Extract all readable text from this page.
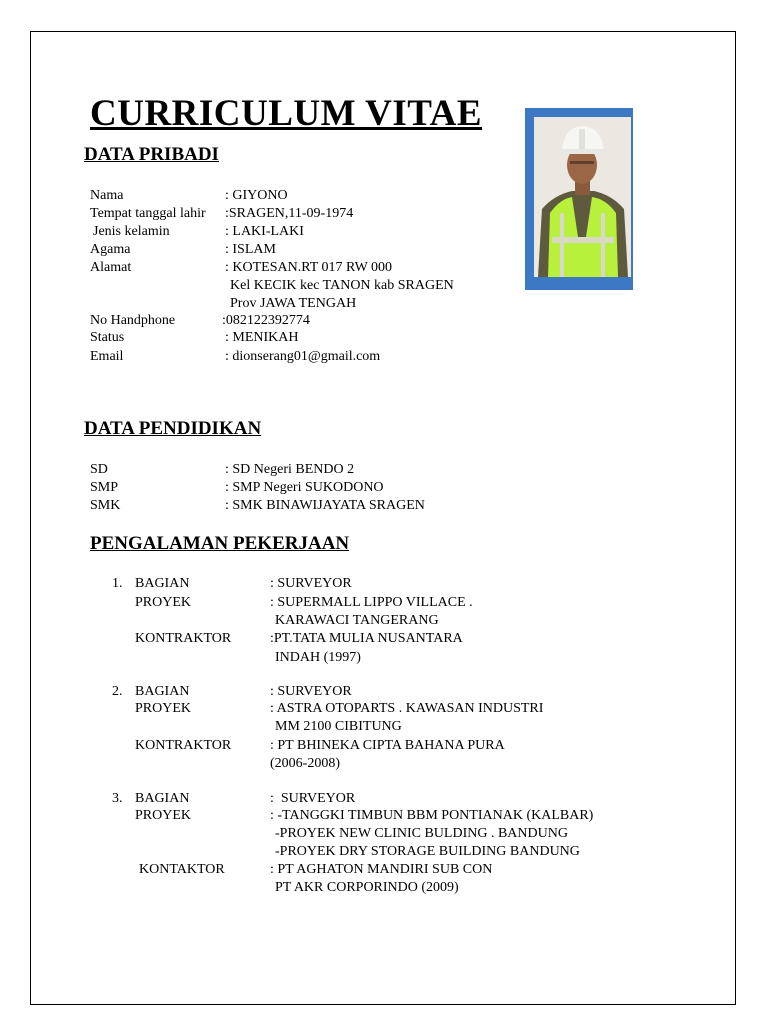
CURRICULUM VITAE
DATA PRIBADI
Nama	: GIYONO
Tempat tanggal lahir :SRAGEN,11-09-1974
Jenis kelamin	: LAKI-LAKI
Agama	: ISLAM
Alamat	: KOTESAN.RT 017 RW 000
Kel KECIK kec TANON kab SRAGEN
Prov JAWA TENGAH
No Handphone	:082122392774
Status	: MENIKAH
Email	: dionserang01@gmail.com
DATA PENDIDIKAN
SD	: SD Negeri BENDO 2
SMP	: SMP Negeri SUKODONO
SMK	: SMK BINAWIJAYATA SRAGEN
PENGALAMAN PEKERJAAN
1. BAGIAN	: SURVEYOR
PROYEK	: SUPERMALL LIPPO VILLACE .
KARAWACI TANGERANG
KONTRAKTOR	:PT.TATA MULIA NUSANTARA
INDAH (1997)
2. BAGIAN	: SURVEYOR
PROYEK	: ASTRA OTOPARTS . KAWASAN INDUSTRI
MM 2100 CIBITUNG
KONTRAKTOR	: PT BHINEKA CIPTA BAHANA PURA
(2006-2008)
3. BAGIAN	:  SURVEYOR
PROYEK	: -TANGGKI TIMBUN BBM PONTIANAK (KALBAR)
-PROYEK NEW CLINIC BULDING . BANDUNG
-PROYEK DRY STORAGE BUILDING BANDUNG
KONTAKTOR	: PT AGHATON MANDIRI SUB CON
PT AKR CORPORINDO (2009)
